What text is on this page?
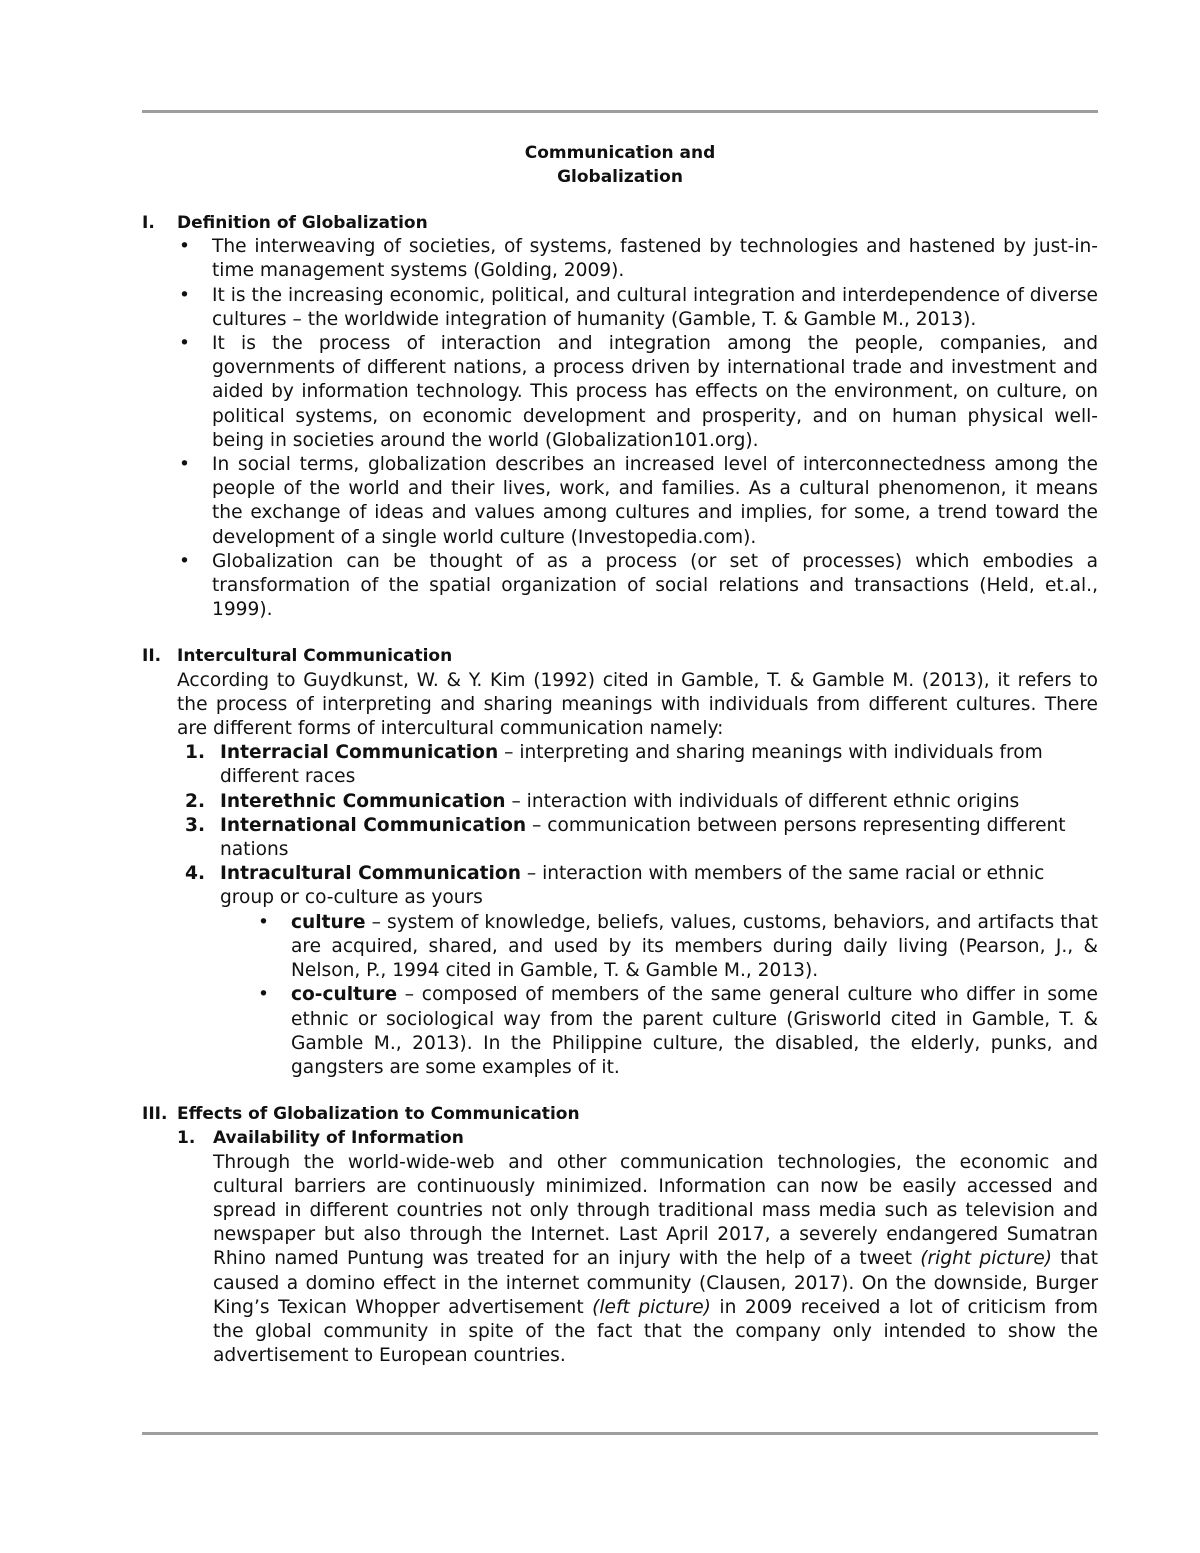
Communication and
Globalization
I.	Definition of Globalization
•
The interweaving of societies, of systems, fastened by technologies and hastened by just-in-time management systems (Golding, 2009).
•
It is the increasing economic, political, and cultural integration and interdependence of diverse cultures – the worldwide integration of humanity (Gamble, T. & Gamble M., 2013).
•
It is the process of interaction and integration among the people, companies, and governments of different nations, a process driven by international trade and investment and aided by information technology. This process has effects on the environment, on culture, on political systems, on economic development and prosperity, and on human physical well-being in societies around the world (Globalization101.org).
•
In social terms, globalization describes an increased level of interconnectedness among the people of the world and their lives, work, and families. As a cultural phenomenon, it means the exchange of ideas and values among cultures and implies, for some, a trend toward the development of a single world culture (Investopedia.com).
•
Globalization can be thought of as a process (or set of processes) which embodies a transformation of the spatial organization of social relations and transactions (Held, et.al., 1999).
II. Intercultural Communication
According to Guydkunst, W. & Y. Kim (1992) cited in Gamble, T. & Gamble M. (2013), it refers to the process of interpreting and sharing meanings with individuals from different cultures. There are different forms of intercultural communication namely:
1. Interracial Communication – interpreting and sharing meanings with individuals from different races
2. Interethnic Communication – interaction with individuals of different ethnic origins
3. International Communication – communication between persons representing different nations
4. Intracultural Communication – interaction with members of the same racial or ethnic group or co-culture as yours
•
culture – system of knowledge, beliefs, values, customs, behaviors, and artifacts that are acquired, shared, and used by its members during daily living (Pearson, J., & Nelson, P., 1994 cited in Gamble, T. & Gamble M., 2013).
•
co-culture – composed of members of the same general culture who differ in some ethnic or sociological way from the parent culture (Grisworld cited in Gamble, T. & Gamble M., 2013). In the Philippine culture, the disabled, the elderly, punks, and gangsters are some examples of it.
III. Effects of Globalization to Communication
1.	Availability of Information
Through the world-wide-web and other communication technologies, the economic and cultural barriers are continuously minimized. Information can now be easily accessed and spread in different countries not only through traditional mass media such as television and newspaper but also through the Internet. Last April 2017, a severely endangered Sumatran Rhino named Puntung was treated for an injury with the help of a tweet (right picture) that caused a domino effect in the internet community (Clausen, 2017). On the downside, Burger King’s Texican Whopper advertisement (left picture) in 2009 received a lot of criticism from the global community in spite of the fact that the company only intended to show the advertisement to European countries.
